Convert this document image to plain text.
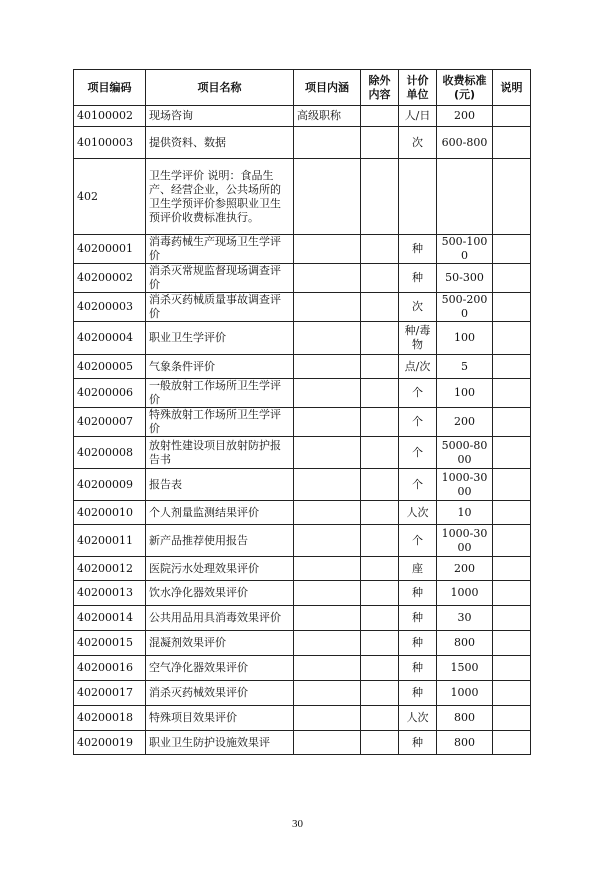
项目编码	项目名称	项目内涵	除外内容	计价单位	收费标准(元)	说明
40100002	现场咨询	高级职称		人/日	200	
40100003	提供资料、数据			次	600-800	
402	卫生学评价 说明：食品生产、经营企业，公共场所的卫生学预评价参照职业卫生预评价收费标准执行。					
40200001	消毒药械生产现场卫生学评价			种	500-1000	
40200002	消杀灭常规监督现场调查评价			种	50-300	
40200003	消杀灭药械质量事故调查评价			次	500-2000	
40200004	职业卫生学评价			种/毒物	100	
40200005	气象条件评价			点/次	5	
40200006	一般放射工作场所卫生学评价			个	100	
40200007	特殊放射工作场所卫生学评价			个	200	
40200008	放射性建设项目放射防护报告书			个	5000-8000	
40200009	报告表			个	1000-3000	
40200010	个人剂量监测结果评价			人次	10	
40200011	新产品推荐使用报告			个	1000-3000	
40200012	医院污水处理效果评价			座	200	
40200013	饮水净化器效果评价			种	1000	
40200014	公共用品用具消毒效果评价			种	30	
40200015	混凝剂效果评价			种	800	
40200016	空气净化器效果评价			种	1500	
40200017	消杀灭药械效果评价			种	1000	
40200018	特殊项目效果评价			人次	800	
40200019	职业卫生防护设施效果评			种	800	
30
